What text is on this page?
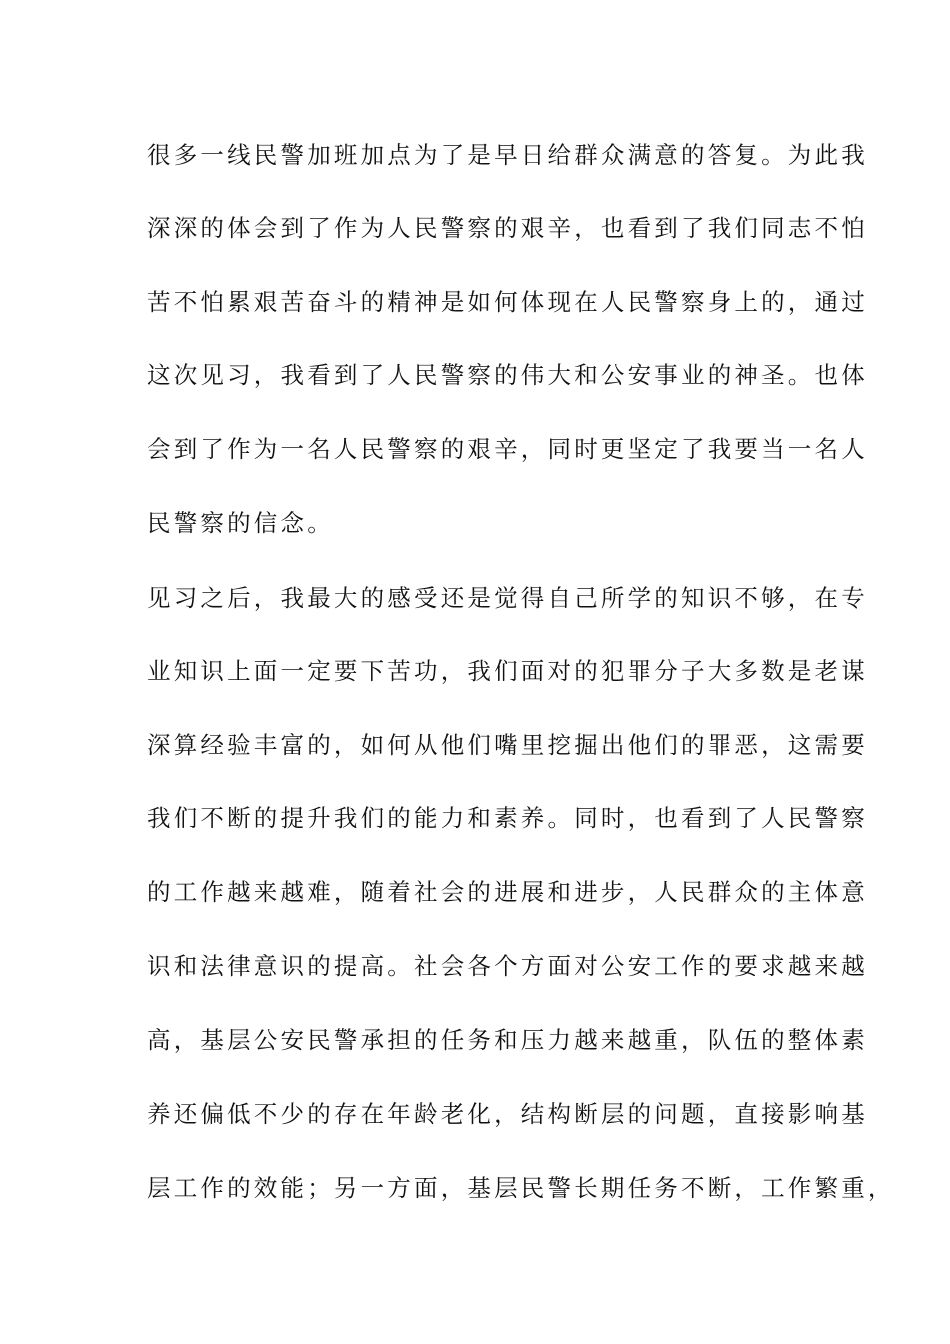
很多一线民警加班加点为了是早日给群众满意的答复。为此我
深深的体会到了作为人民警察的艰辛，也看到了我们同志不怕
苦不怕累艰苦奋斗的精神是如何体现在人民警察身上的，通过
这次见习，我看到了人民警察的伟大和公安事业的神圣。也体
会到了作为一名人民警察的艰辛，同时更坚定了我要当一名人
民警察的信念。
见习之后，我最大的感受还是觉得自己所学的知识不够，在专
业知识上面一定要下苦功，我们面对的犯罪分子大多数是老谋
深算经验丰富的，如何从他们嘴里挖掘出他们的罪恶，这需要
我们不断的提升我们的能力和素养。同时，也看到了人民警察
的工作越来越难，随着社会的进展和进步，人民群众的主体意
识和法律意识的提高。社会各个方面对公安工作的要求越来越
高，基层公安民警承担的任务和压力越来越重，队伍的整体素
养还偏低不少的存在年龄老化，结构断层的问题，直接影响基
层工作的效能；另一方面，基层民警长期任务不断，工作繁重，
